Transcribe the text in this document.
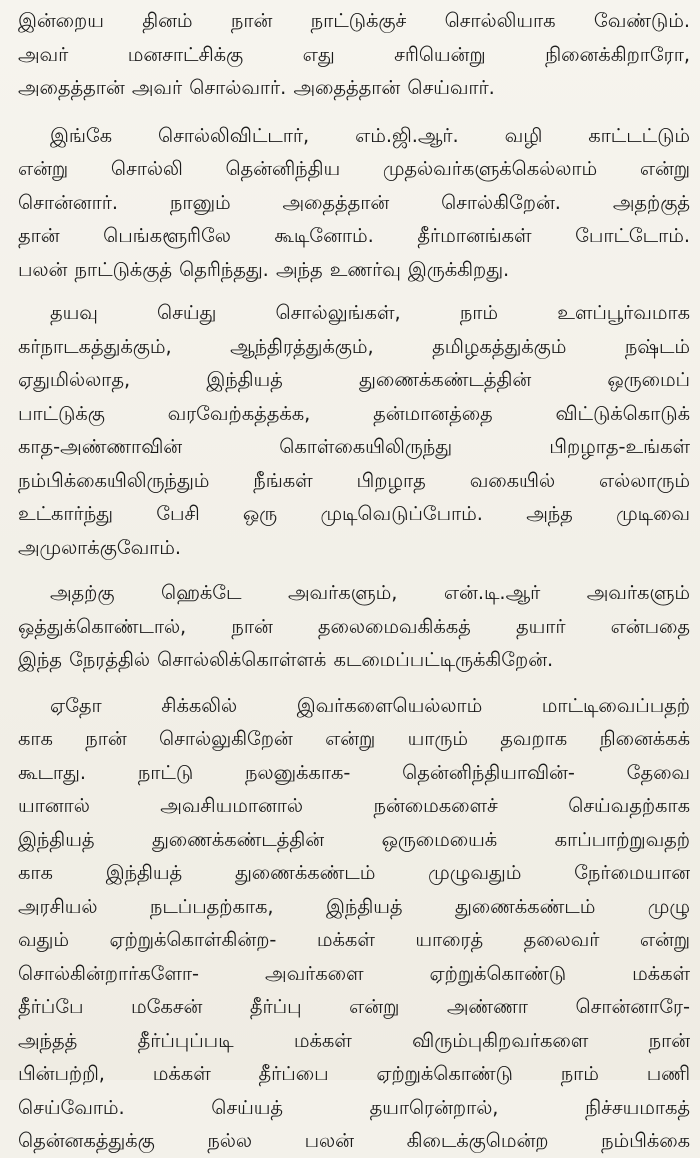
இன்றைய தினம் நான் நாட்டுக்குச் சொல்லியாக வேண்டும்.
அவர் மனசாட்சிக்கு எது சரியென்று நினைக்கிறாரோ,
அதைத்தான் அவர் சொல்வார். அதைத்தான் செய்வார்.
இங்கே சொல்லிவிட்டார், எம்.ஜி.ஆர். வழி காட்டட்டும்
என்று சொல்லி தென்னிந்திய முதல்வர்களுக்கெல்லாம் என்று
சொன்னார். நானும் அதைத்தான் சொல்கிறேன். அதற்குத்
தான் பெங்களூரிலே கூடினோம். தீர்மானங்கள் போட்டோம்.
பலன் நாட்டுக்குத் தெரிந்தது. அந்த உணர்வு இருக்கிறது.
தயவு செய்து சொல்லுங்கள், நாம் உளப்பூர்வமாக
கர்நாடகத்துக்கும், ஆந்திரத்துக்கும், தமிழகத்துக்கும் நஷ்டம்
ஏதுமில்லாத, இந்தியத் துணைக்கண்டத்தின் ஒருமைப்
பாட்டுக்கு வரவேற்கத்தக்க, தன்மானத்தை விட்டுக்கொடுக்
காத-அண்ணாவின் கொள்கையிலிருந்து பிறழாத-உங்கள்
நம்பிக்கையிலிருந்தும் நீங்கள் பிறழாத வகையில் எல்லாரும்
உட்கார்ந்து பேசி ஒரு முடிவெடுப்போம். அந்த முடிவை
அமுலாக்குவோம்.
அதற்கு ஹெக்டே அவர்களும், என்.டி.ஆர் அவர்களும்
ஒத்துக்கொண்டால், நான் தலைமைவகிக்கத் தயார் என்பதை
இந்த நேரத்தில் சொல்லிக்கொள்ளக் கடமைப்பட்டிருக்கிறேன்.
ஏதோ சிக்கலில் இவர்களையெல்லாம் மாட்டிவைப்பதற்
காக நான் சொல்லுகிறேன் என்று யாரும் தவறாக நினைக்கக்
கூடாது. நாட்டு நலனுக்காக- தென்னிந்தியாவின்- தேவை
யானால் அவசியமானால் நன்மைகளைச் செய்வதற்காக
இந்தியத் துணைக்கண்டத்தின் ஒருமையைக் காப்பாற்றுவதற்
காக இந்தியத் துணைக்கண்டம் முழுவதும் நேர்மையான
அரசியல் நடப்பதற்காக, இந்தியத் துணைக்கண்டம் முழு
வதும் ஏற்றுக்கொள்கின்ற- மக்கள் யாரைத் தலைவர் என்று
சொல்கின்றார்களோ- அவர்களை ஏற்றுக்கொண்டு மக்கள்
தீர்ப்பே மகேசன் தீர்ப்பு என்று அண்ணா சொன்னாரே-
அந்தத் தீர்ப்புப்படி மக்கள் விரும்புகிறவர்களை நான்
பின்பற்றி, மக்கள் தீர்ப்பை ஏற்றுக்கொண்டு நாம் பணி
செய்வோம். செய்யத் தயாரென்றால், நிச்சயமாகத்
தென்னகத்துக்கு நல்ல பலன் கிடைக்குமென்ற நம்பிக்கை
